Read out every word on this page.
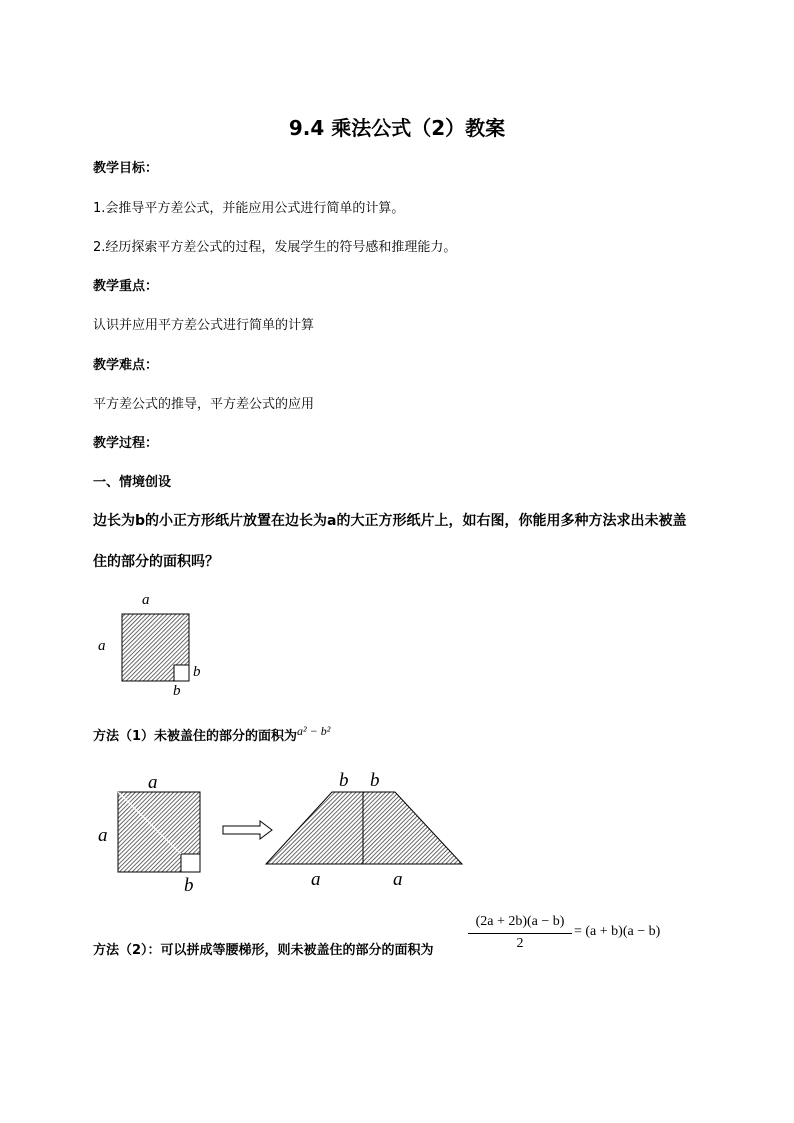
9.4 乘法公式（2）教案
教学目标：
1.会推导平方差公式，并能应用公式进行简单的计算。
2.经历探索平方差公式的过程，发展学生的符号感和推理能力。
教学重点：
认识并应用平方差公式进行简单的计算
教学难点：
平方差公式的推导，平方差公式的应用
教学过程：
一、情境创设
边长为b的小正方形纸片放置在边长为a的大正方形纸片上，如右图，你能用多种方法求出未被盖
住的部分的面积吗？
a
a
b
b
方法（1）未被盖住的部分的面积为a² − b²
a
a
b
b b
a	a
方法（2）：可以拼成等腰梯形，则未被盖住的部分的面积为
(2a + 2b)(a − b)
2
= (a + b)(a − b)
